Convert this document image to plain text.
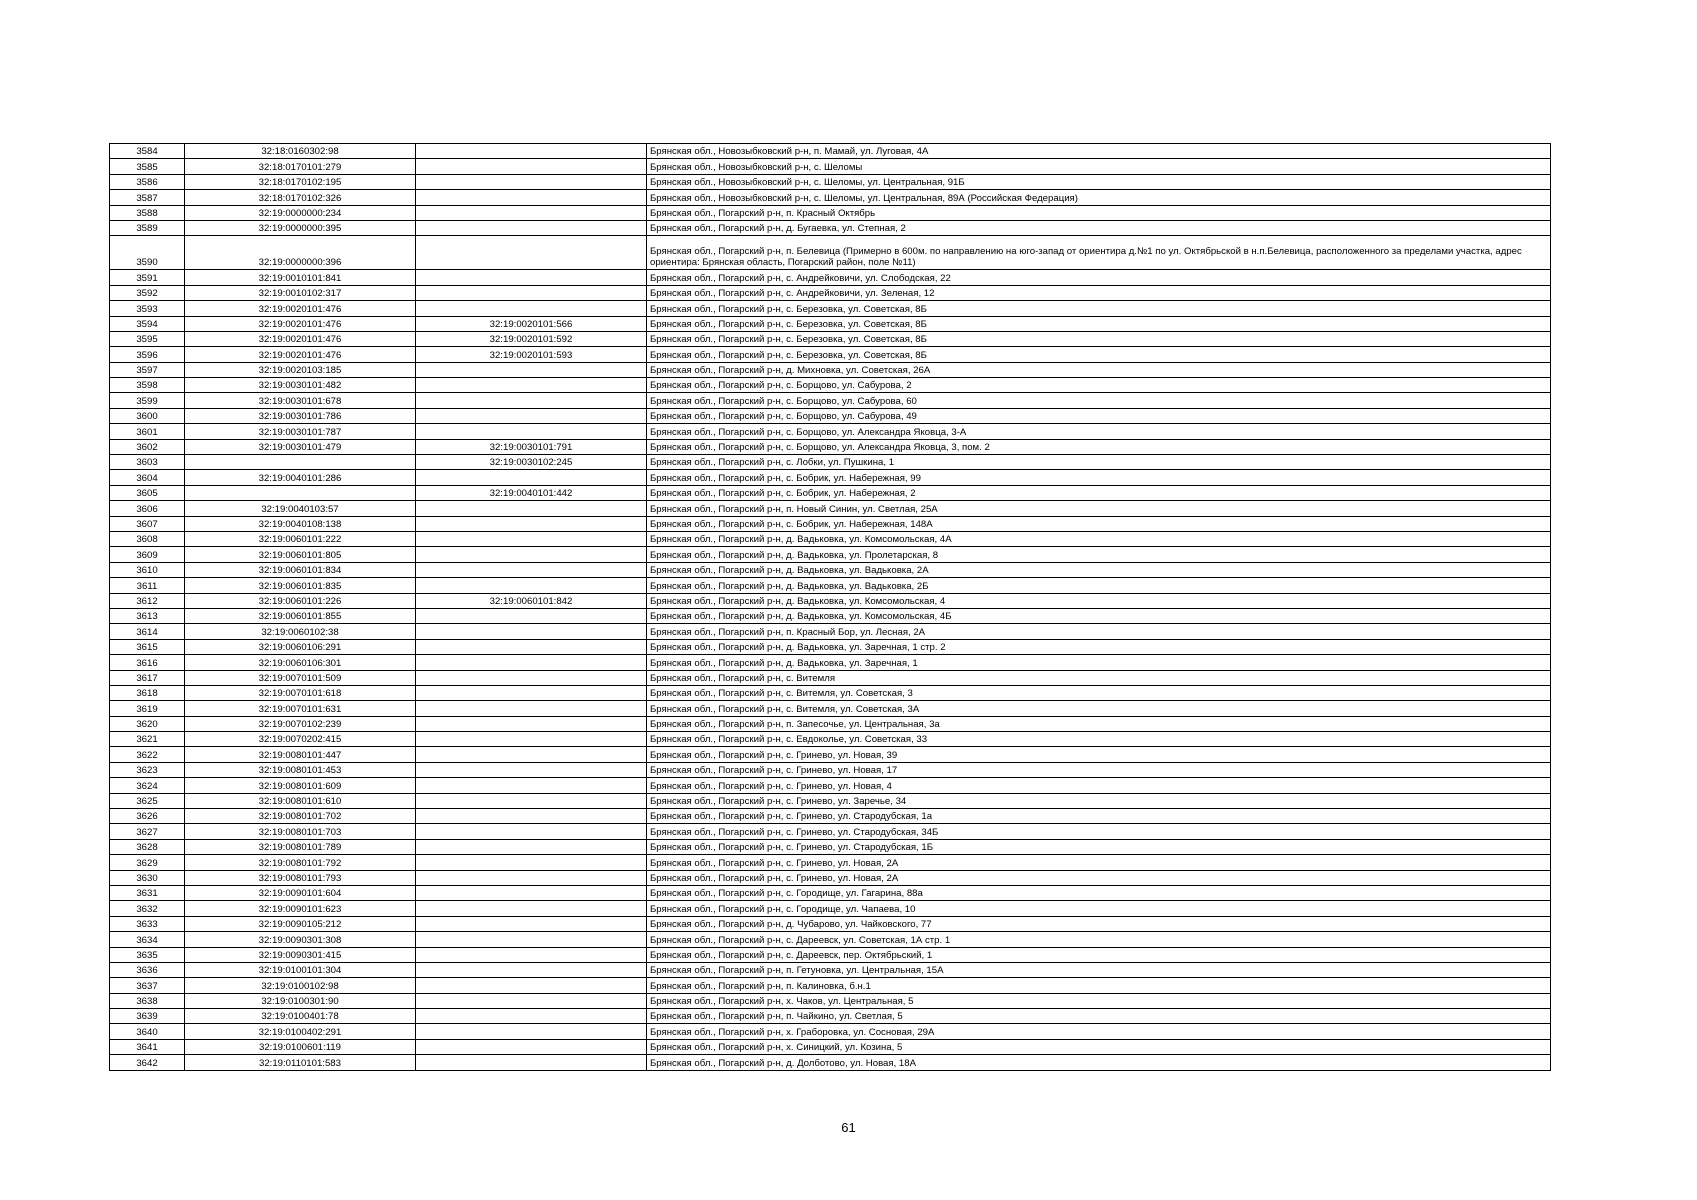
3584	32:18:0160302:98		Брянская обл., Новозыбковский р-н, п. Мамай, ул. Луговая, 4А
3585	32:18:0170101:279		Брянская обл., Новозыбковский р-н, с. Шеломы
3586	32:18:0170102:195		Брянская обл., Новозыбковский р-н, с. Шеломы, ул. Центральная, 91Б
3587	32:18:0170102:326		Брянская обл., Новозыбковский р-н, с. Шеломы, ул. Центральная, 89А (Российская Федерация)
3588	32:19:0000000:234		Брянская обл., Погарский р-н, п. Красный Октябрь
3589	32:19:0000000:395		Брянская обл., Погарский р-н, д. Бугаевка, ул. Степная, 2
3590	32:19:0000000:396		Брянская обл., Погарский р-н, п. Белевица (Примерно в 600м. по направлению на юго-запад от ориентира д.№1 по ул. Октябрьской в н.п.Белевица, расположенного за пределами участка, адрес ориентира: Брянская область, Погарский район, поле №11)
3591	32:19:0010101:841		Брянская обл., Погарский р-н, с. Андрейковичи, ул. Слободская, 22
3592	32:19:0010102:317		Брянская обл., Погарский р-н, с. Андрейковичи, ул. Зеленая, 12
3593	32:19:0020101:476		Брянская обл., Погарский р-н, с. Березовка, ул. Советская, 8Б
3594	32:19:0020101:476	32:19:0020101:566	Брянская обл., Погарский р-н, с. Березовка, ул. Советская, 8Б
3595	32:19:0020101:476	32:19:0020101:592	Брянская обл., Погарский р-н, с. Березовка, ул. Советская, 8Б
3596	32:19:0020101:476	32:19:0020101:593	Брянская обл., Погарский р-н, с. Березовка, ул. Советская, 8Б
3597	32:19:0020103:185		Брянская обл., Погарский р-н, д. Михновка, ул. Советская, 26А
3598	32:19:0030101:482		Брянская обл., Погарский р-н, с. Борщово, ул. Сабурова, 2
3599	32:19:0030101:678		Брянская обл., Погарский р-н, с. Борщово, ул. Сабурова, 60
3600	32:19:0030101:786		Брянская обл., Погарский р-н, с. Борщово, ул. Сабурова, 49
3601	32:19:0030101:787		Брянская обл., Погарский р-н, с. Борщово, ул. Александра Яковца, 3-А
3602	32:19:0030101:479	32:19:0030101:791	Брянская обл., Погарский р-н, с. Борщово, ул. Александра Яковца, 3, пом. 2
3603		32:19:0030102:245	Брянская обл., Погарский р-н, с. Лобки, ул. Пушкина, 1
3604	32:19:0040101:286		Брянская обл., Погарский р-н, с. Бобрик, ул. Набережная, 99
3605		32:19:0040101:442	Брянская обл., Погарский р-н, с. Бобрик, ул. Набережная, 2
3606	32:19:0040103:57		Брянская обл., Погарский р-н, п. Новый Синин, ул. Светлая, 25А
3607	32:19:0040108:138		Брянская обл., Погарский р-н, с. Бобрик, ул. Набережная, 148А
3608	32:19:0060101:222		Брянская обл., Погарский р-н, д. Вадьковка, ул. Комсомольская, 4А
3609	32:19:0060101:805		Брянская обл., Погарский р-н, д. Вадьковка, ул. Пролетарская, 8
3610	32:19:0060101:834		Брянская обл., Погарский р-н, д. Вадьковка, ул. Вадьковка, 2А
3611	32:19:0060101:835		Брянская обл., Погарский р-н, д. Вадьковка, ул. Вадьковка, 2Б
3612	32:19:0060101:226	32:19:0060101:842	Брянская обл., Погарский р-н, д. Вадьковка, ул. Комсомольская, 4
3613	32:19:0060101:855		Брянская обл., Погарский р-н, д. Вадьковка, ул. Комсомольская, 4Б
3614	32:19:0060102:38		Брянская обл., Погарский р-н, п. Красный Бор, ул. Лесная, 2А
3615	32:19:0060106:291		Брянская обл., Погарский р-н, д. Вадьковка, ул. Заречная, 1 стр. 2
3616	32:19:0060106:301		Брянская обл., Погарский р-н, д. Вадьковка, ул. Заречная, 1
3617	32:19:0070101:509		Брянская обл., Погарский р-н, с. Витемля
3618	32:19:0070101:618		Брянская обл., Погарский р-н, с. Витемля, ул. Советская, 3
3619	32:19:0070101:631		Брянская обл., Погарский р-н, с. Витемля, ул. Советская, 3А
3620	32:19:0070102:239		Брянская обл., Погарский р-н, п. Запесочье, ул. Центральная, 3а
3621	32:19:0070202:415		Брянская обл., Погарский р-н, с. Евдоколье, ул. Советская, 33
3622	32:19:0080101:447		Брянская обл., Погарский р-н, с. Гринево, ул. Новая, 39
3623	32:19:0080101:453		Брянская обл., Погарский р-н, с. Гринево, ул. Новая, 17
3624	32:19:0080101:609		Брянская обл., Погарский р-н, с. Гринево, ул. Новая, 4
3625	32:19:0080101:610		Брянская обл., Погарский р-н, с. Гринево, ул. Заречье, 34
3626	32:19:0080101:702		Брянская обл., Погарский р-н, с. Гринево, ул. Стародубская, 1а
3627	32:19:0080101:703		Брянская обл., Погарский р-н, с. Гринево, ул. Стародубская, 34Б
3628	32:19:0080101:789		Брянская обл., Погарский р-н, с. Гринево, ул. Стародубская, 1Б
3629	32:19:0080101:792		Брянская обл., Погарский р-н, с. Гринево, ул. Новая, 2А
3630	32:19:0080101:793		Брянская обл., Погарский р-н, с. Гринево, ул. Новая, 2А
3631	32:19:0090101:604		Брянская обл., Погарский р-н, с. Городище, ул. Гагарина, 88а
3632	32:19:0090101:623		Брянская обл., Погарский р-н, с. Городище, ул. Чапаева, 10
3633	32:19:0090105:212		Брянская обл., Погарский р-н, д. Чубарово, ул. Чайковского, 77
3634	32:19:0090301:308		Брянская обл., Погарский р-н, с. Дареевск, ул. Советская, 1А стр. 1
3635	32:19:0090301:415		Брянская обл., Погарский р-н, с. Дареевск, пер. Октябрьский, 1
3636	32:19:0100101:304		Брянская обл., Погарский р-н, п. Гетуновка, ул. Центральная, 15А
3637	32:19:0100102:98		Брянская обл., Погарский р-н, п. Калиновка, б.н.1
3638	32:19:0100301:90		Брянская обл., Погарский р-н, х. Чаков, ул. Центральная, 5
3639	32:19:0100401:78		Брянская обл., Погарский р-н, п. Чайкино, ул. Светлая, 5
3640	32:19:0100402:291		Брянская обл., Погарский р-н, х. Граборовка, ул. Сосновая, 29А
3641	32:19:0100601:119		Брянская обл., Погарский р-н, х. Синицкий, ул. Козина, 5
3642	32:19:0110101:583		Брянская обл., Погарский р-н, д. Долботово, ул. Новая, 18А
61
